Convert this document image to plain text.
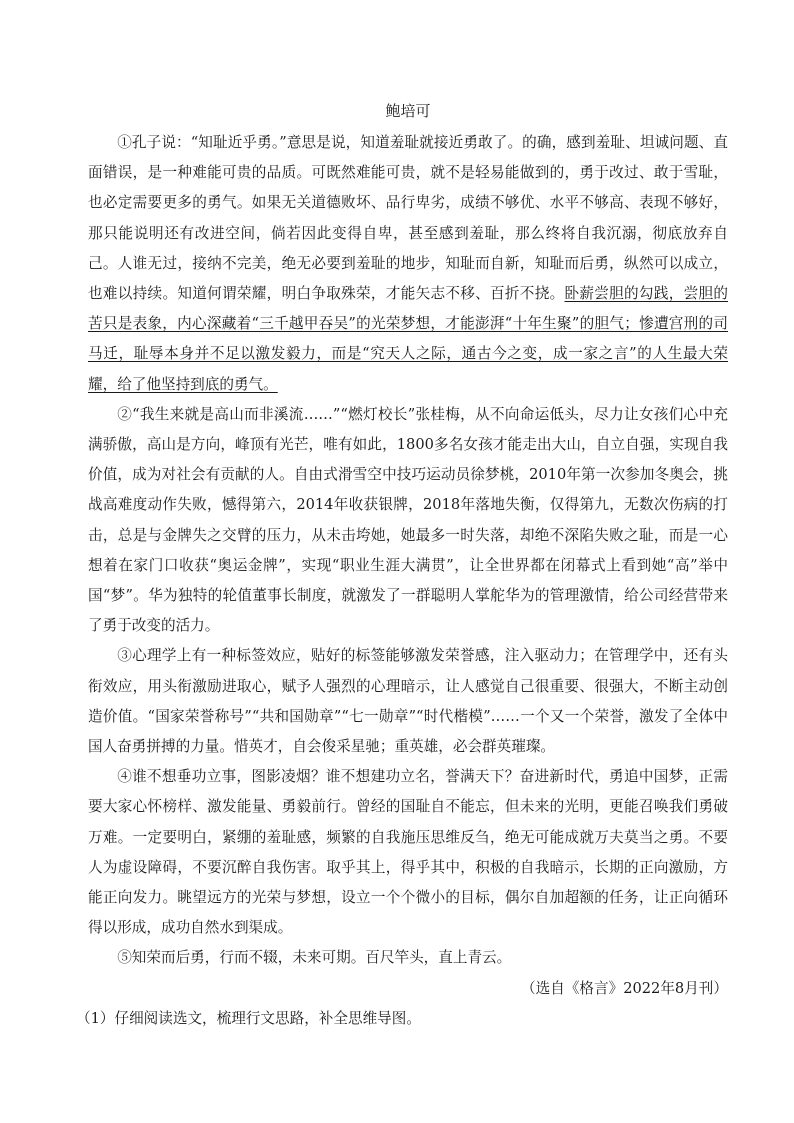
鲍培可

①孔子说：“知耻近乎勇。”意思是说，知道羞耻就接近勇敢了。的确，感到羞耻、坦诚问题、直面错误，是一种难能可贵的品质。可既然难能可贵，就不是轻易能做到的，勇于改过、敢于雪耻，也必定需要更多的勇气。如果无关道德败坏、品行卑劣，成绩不够优、水平不够高、表现不够好，那只能说明还有改进空间，倘若因此变得自卑，甚至感到羞耻，那么终将自我沉溺，彻底放弃自己。人谁无过，接纳不完美，绝无必要到羞耻的地步，知耻而自新，知耻而后勇，纵然可以成立，也难以持续。知道何谓荣耀，明白争取殊荣，才能矢志不移、百折不挠。卧薪尝胆的勾践，尝胆的苦只是表象，内心深藏着“三千越甲吞吴”的光荣梦想，才能澎湃“十年生聚”的胆气；惨遭宫刑的司马迁，耻辱本身并不足以激发毅力，而是“究天人之际，通古今之变，成一家之言”的人生最大荣耀，给了他坚持到底的勇气。

②“我生来就是高山而非溪流……”“燃灯校长”张桂梅，从不向命运低头，尽力让女孩们心中充满骄傲，高山是方向，峰顶有光芒，唯有如此，1800多名女孩才能走出大山，自立自强，实现自我价值，成为对社会有贡献的人。自由式滑雪空中技巧运动员徐梦桃，2010年第一次参加冬奥会，挑战高难度动作失败，憾得第六，2014年收获银牌，2018年落地失衡，仅得第九，无数次伤病的打击，总是与金牌失之交臂的压力，从未击垮她，她最多一时失落，却绝不深陷失败之耻，而是一心想着在家门口收获“奥运金牌”，实现“职业生涯大满贯”，让全世界都在闭幕式上看到她“高”举中国“梦”。华为独特的轮值董事长制度，就激发了一群聪明人掌舵华为的管理激情，给公司经营带来了勇于改变的活力。

③心理学上有一种标签效应，贴好的标签能够激发荣誉感，注入驱动力；在管理学中，还有头衔效应，用头衔激励进取心，赋予人强烈的心理暗示，让人感觉自己很重要、很强大，不断主动创造价值。“国家荣誉称号”“共和国勋章”“七一勋章”“时代楷模”……一个又一个荣誉，激发了全体中国人奋勇拼搏的力量。惜英才，自会俊采星驰；重英雄，必会群英璀璨。

④谁不想垂功立事，图影凌烟？谁不想建功立名，誉满天下？奋进新时代，勇追中国梦，正需要大家心怀榜样、激发能量、勇毅前行。曾经的国耻自不能忘，但未来的光明，更能召唤我们勇破万难。一定要明白，紧绷的羞耻感，频繁的自我施压思维反刍，绝无可能成就万夫莫当之勇。不要人为虚设障碍，不要沉醉自我伤害。取乎其上，得乎其中，积极的自我暗示，长期的正向激励，方能正向发力。眺望远方的光荣与梦想，设立一个个微小的目标，偶尔自加超额的任务，让正向循环得以形成，成功自然水到渠成。

⑤知荣而后勇，行而不辍，未来可期。百尺竿头，直上青云。

（选自《格言》2022年8月刊）
（1）仔细阅读选文，梳理行文思路，补全思维导图。
